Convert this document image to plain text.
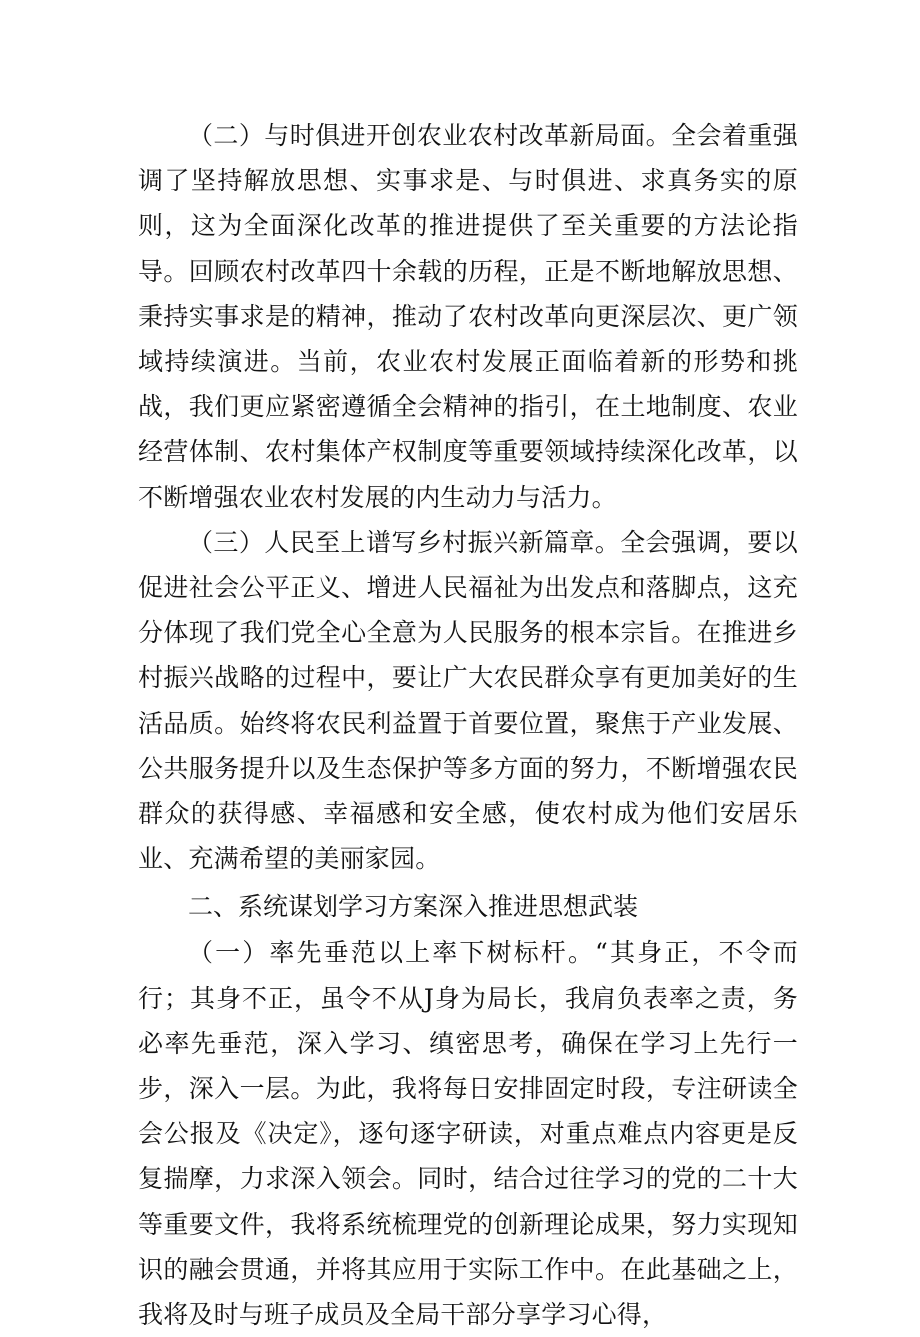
（二）与时俱进开创农业农村改革新局面。全会着重强调了坚持解放思想、实事求是、与时俱进、求真务实的原则，这为全面深化改革的推进提供了至关重要的方法论指导。回顾农村改革四十余载的历程，正是不断地解放思想、秉持实事求是的精神，推动了农村改革向更深层次、更广领域持续演进。当前，农业农村发展正面临着新的形势和挑战，我们更应紧密遵循全会精神的指引，在土地制度、农业经营体制、农村集体产权制度等重要领域持续深化改革，以不断增强农业农村发展的内生动力与活力。

（三）人民至上谱写乡村振兴新篇章。全会强调，要以促进社会公平正义、增进人民福祉为出发点和落脚点，这充分体现了我们党全心全意为人民服务的根本宗旨。在推进乡村振兴战略的过程中，要让广大农民群众享有更加美好的生活品质。始终将农民利益置于首要位置，聚焦于产业发展、公共服务提升以及生态保护等多方面的努力，不断增强农民群众的获得感、幸福感和安全感，使农村成为他们安居乐业、充满希望的美丽家园。

二、系统谋划学习方案深入推进思想武装

（一）率先垂范以上率下树标杆。“其身正，不令而行；其身不正，虽令不从J身为局长，我肩负表率之责，务必率先垂范，深入学习、缜密思考，确保在学习上先行一步，深入一层。为此，我将每日安排固定时段，专注研读全会公报及《决定》，逐句逐字研读，对重点难点内容更是反复揣摩，力求深入领会。同时，结合过往学习的党的二十大等重要文件，我将系统梳理党的创新理论成果，努力实现知识的融会贯通，并将其应用于实际工作中。在此基础之上，我将及时与班子成员及全局干部分享学习心得，
